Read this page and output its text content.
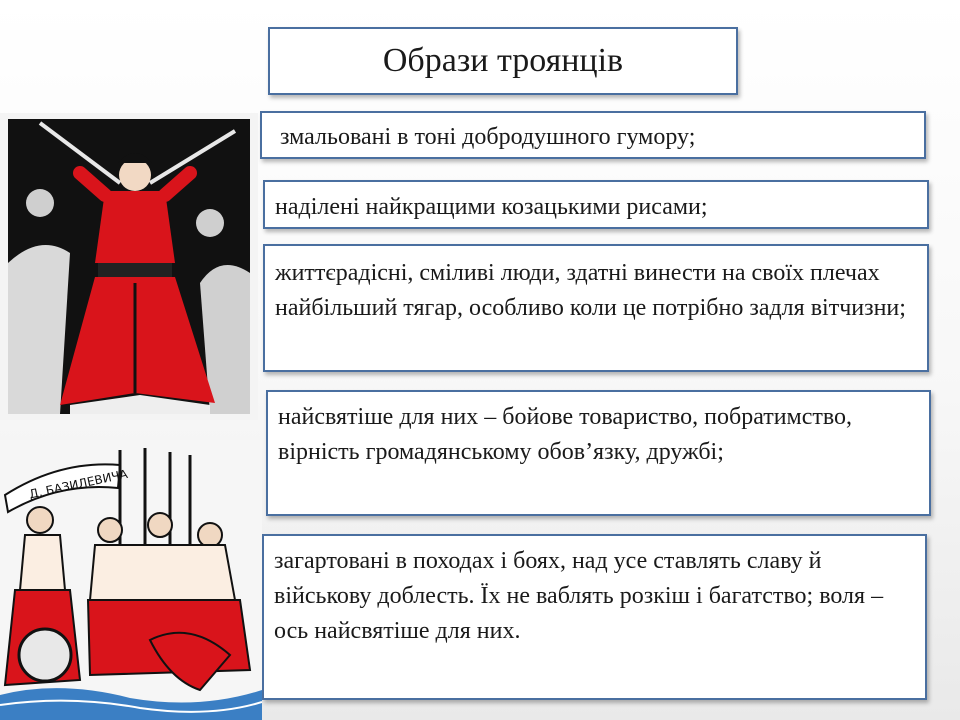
Образи троянців
змальовані в тоні добродушного гумору;
наділені найкращими козацькими рисами;
життєрадісні, сміливі люди, здатні винести на своїх плечах найбільший тягар, особливо коли це потрібно задля вітчизни;
найсвятіше для них – бойове товариство, побратимство, вірність громадянському обов’язку, дружбі;
загартовані в походах і боях, над усе ставлять славу й військову доблесть. Їх не ваблять розкіш і багатство; воля – ось найсвятіше для них.
Д. БАЗИЛЕВИЧА
